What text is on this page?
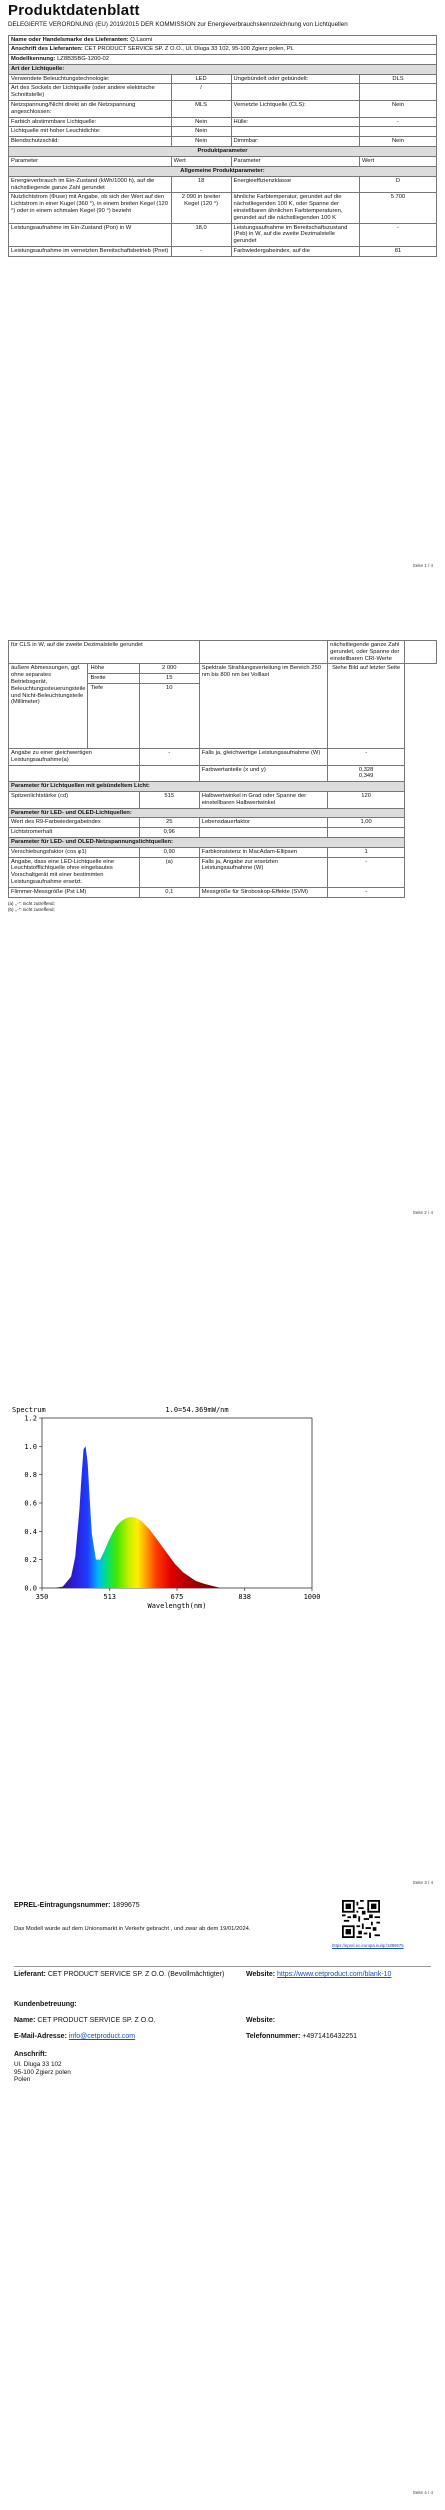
Produktdatenblatt

DELEGIERTE VERORDNUNG (EU) 2019/2015 DER KOMMISSION zur Energieverbrauchskennzeichnung von Lichtquellen

Name oder Handelsmarke des Lieferanten: Q.Laomi			
Anschrift des Lieferanten: CET PRODUCT SERVICE SP. Z O.O., Ul. Dluga 33 102, 95-100 Zgierz polen, PL			
Modellkennung: LZ8B35BG-1200-02			
Art der Lichtquelle:			
Verwendete Beleuchtungstechnologie:	LED	Ungebündelt oder gebündelt:	DLS
Art des Sockels der Lichtquelle (oder andere elektrische Schnittstelle)	/		
Netzspannung/Nicht direkt an die Netzspannung angeschlossen:	MLS	Vernetzte Lichtquelle (CLS):	Nein
Farbich abstimmbare Lichtquelle:	Nein	Hülle:	-
Lichtquelle mit hoher Leuchtdichte:	Nein		
Blendschutzschild:	Nein	Dimmbar:	Nein
Produktparameter			
Parameter	Wert	Parameter	Wert
Allgemeine Produktparameter:			
Energieverbrauch im Ein-Zustand (kWh/1000 h), auf die nächstliegende ganze Zahl gerundet	18	Energieeffizienzklasse	D
Nutzlichtstrom (Φuse) mit Angabe, ob sich der Wert auf den Lichtstrom in einer Kugel (360 °), in einem breiten Kegel (120 °) oder in einem schmalen Kegel (90 °) bezieht	2 090 in breiter Kegel (120 °)	ähnliche Farbtemperatur, gerundet auf die nächstliegenden 100 K, oder Spanne der einstellbaren ähnlichen Farbtemperaturen, gerundet auf die nächstliegenden 100 K	5 700
Leistungsaufnahme im Ein-Zustand (Pon) in W	18,0	Leistungsaufnahme im Bereitschaftszustand (Psb) in W, auf die zweite Dezimalstelle gerundet	-
Leistungsaufnahme im vernetzten Bereitschaftsbetrieb (Pnet)	-	Farbwiedergabeindex, auf die	81
Seite 1 / 4
für CLS in W, auf die zweite Dezimalstelle gerundet				nächstliegende ganze Zahl gerundet, oder Spanne der einstellbaren CRI-Werte	
äußere Abmessungen, ggf. ohne separates Betriebsgerät, Beleuchtungssteuerungsteile und Nicht-Beleuchtungsteile (Millimeter)	Höhe	2 000	Spektrale Strahlungsverteilung im Bereich 250 nm bis 800 nm bei Volllast	Siehe Bild auf letzter Seite	
	Breite	15			
	Tiefe	10			
Angabe zu einer gleichwertigen Leistungsaufnahme(a)		-	Falls ja, gleichwertige Leistungsaufnahme (W)	-	
			Farbwertanteile (x und y)	0,328
0,349	
Parameter für Lichtquellen mit gebündeltem Licht:					
Spitzenlichtstärke (cd)		515	Halbwertwinkel in Grad oder Spanne der einstellbaren Halbwertwinkel	120	
Parameter für LED- und OLED-Lichtquellen:					
Wert des R9-Farbwiedergabeindex		25	Lebensdauerfaktor	1,00	
Lichtstromerhalt		0,96			
Parameter für LED- und OLED-Netzspannungslichtquellen:					
Verschiebungsfaktor (cos φ1)		0,90	Farbkonsistenz in MacAdam-Ellipsen	1	
Angabe, dass eine LED-Lichtquelle eine Leuchtstofflichtquelle ohne eingebautes Vorschaltgerät mit einer bestimmten Leistungsaufnahme ersetzt.		(a)	Falls ja, Angabe zur ersetzten Leistungsaufnahme (W)	-	
Flimmer-Messgröße (Pst LM)		0,1	Messgröße für Stroboskop-Effekte (SVM)	-	
(a) ,,-": nicht zutreffend;
(b) ,,-": nicht zutreffend;
Seite 2 / 4
0.0
0.2
0.4
0.6
0.8
1.0
1.2
350	513	675	838	1000
Spectrum	1.0=54.369mW/nm
Wavelength(nm)
Seite 3 / 4
EPREL-Eintragungsnummer: 1899675
Das Modell wurde auf dem Unionsmarkt in Verkehr gebracht , und zwar ab dem 19/01/2024.
https://eprel.ec.europa.eu/qr/1899675
Lieferant: CET PRODUCT SERVICE SP. Z O.O. (Bevollmächtigter)	Website: https://www.cetproduct.com/blank-10
Kundenbetreuung:
Name: CET PRODUCT SERVICE SP. Z O.O.	Website:
E-Mail-Adresse: info@cetproduct.com	Telefonnummer: +4971416432251
Anschrift:
Ul. Dluga 33 102
95-100 Zgierz polen
Polen
Seite 4 / 4
